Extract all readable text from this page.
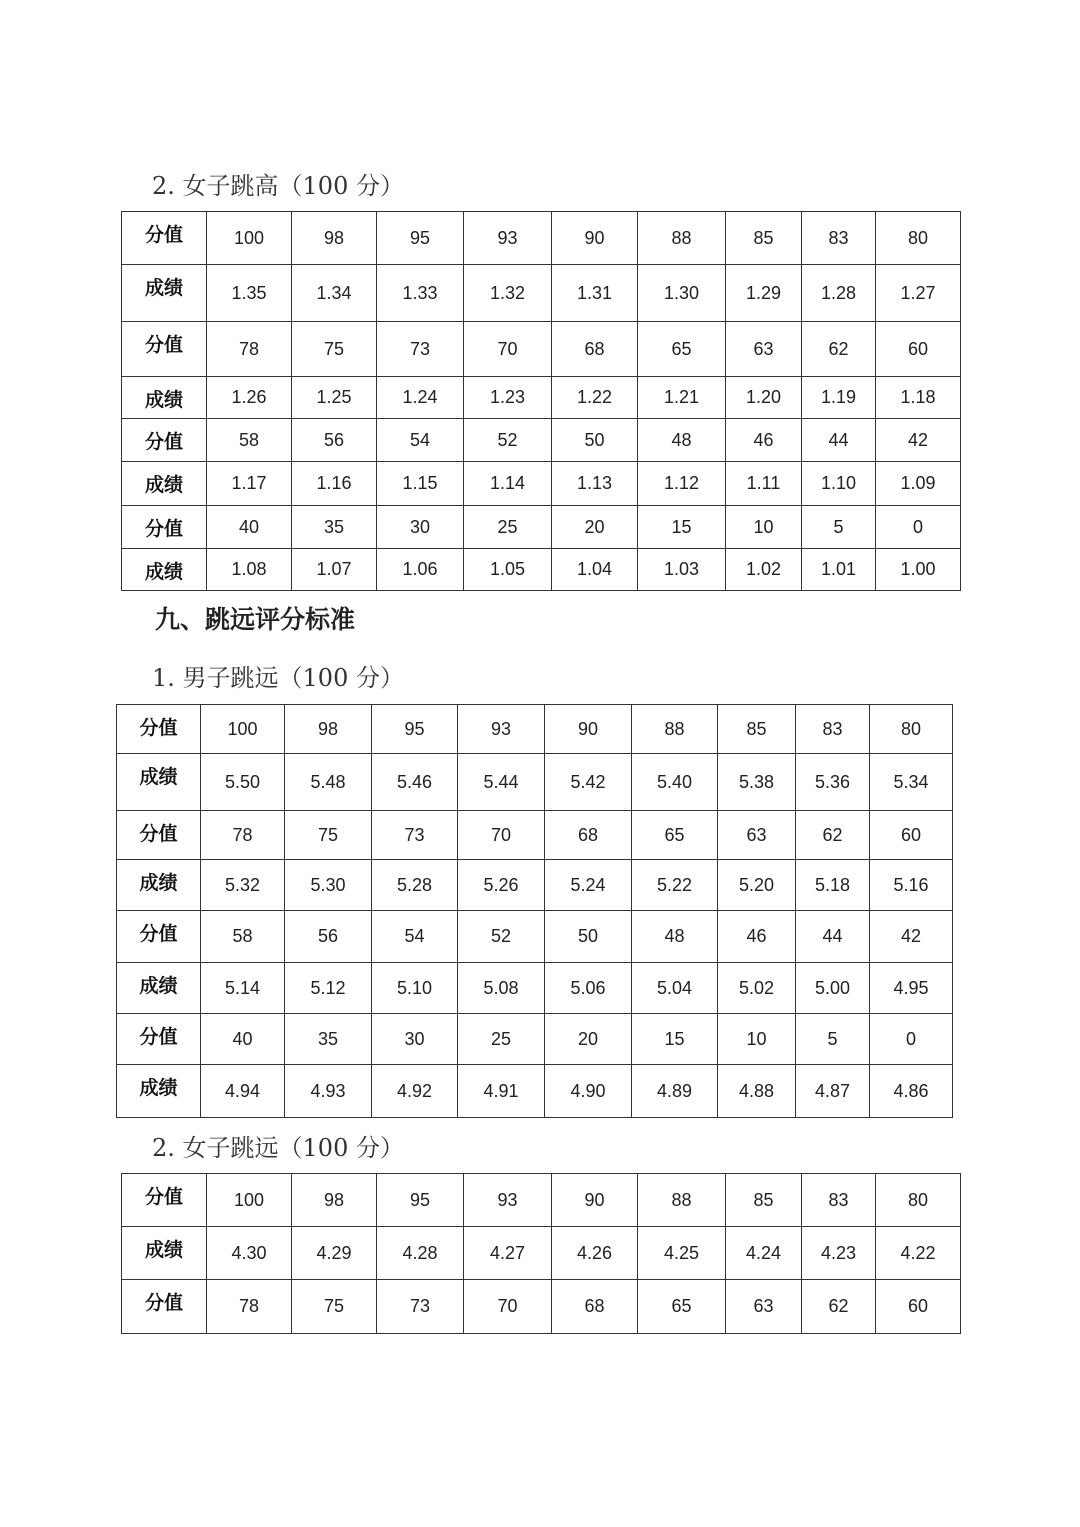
2. 女子跳高（100 分）
分值	100	98	95	93	90	88	85	83	80
成绩	1.35	1.34	1.33	1.32	1.31	1.30	1.29	1.28	1.27
分值	78	75	73	70	68	65	63	62	60
成绩	1.26	1.25	1.24	1.23	1.22	1.21	1.20	1.19	1.18
分值	58	56	54	52	50	48	46	44	42
成绩	1.17	1.16	1.15	1.14	1.13	1.12	1.11	1.10	1.09
分值	40	35	30	25	20	15	10	5	0
成绩	1.08	1.07	1.06	1.05	1.04	1.03	1.02	1.01	1.00
九、跳远评分标准
1. 男子跳远（100 分）
分值	100	98	95	93	90	88	85	83	80
成绩	5.50	5.48	5.46	5.44	5.42	5.40	5.38	5.36	5.34
分值	78	75	73	70	68	65	63	62	60
成绩	5.32	5.30	5.28	5.26	5.24	5.22	5.20	5.18	5.16
分值	58	56	54	52	50	48	46	44	42
成绩	5.14	5.12	5.10	5.08	5.06	5.04	5.02	5.00	4.95
分值	40	35	30	25	20	15	10	5	0
成绩	4.94	4.93	4.92	4.91	4.90	4.89	4.88	4.87	4.86
2. 女子跳远（100 分）
分值	100	98	95	93	90	88	85	83	80
成绩	4.30	4.29	4.28	4.27	4.26	4.25	4.24	4.23	4.22
分值	78	75	73	70	68	65	63	62	60
